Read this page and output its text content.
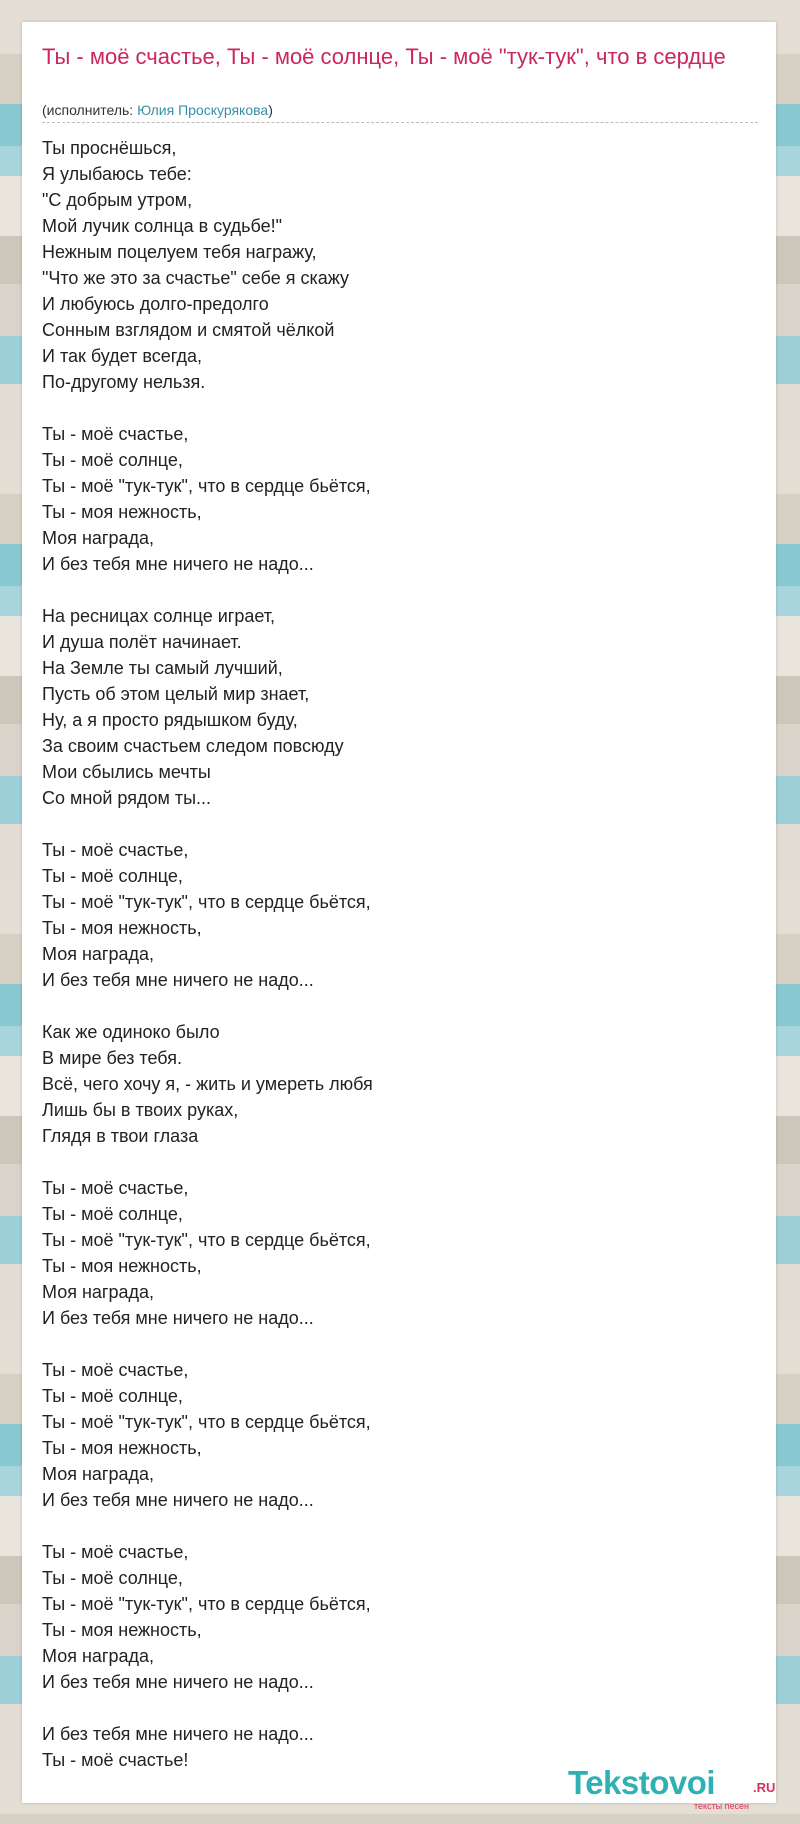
Ты - моё счастье, Ты - моё солнце, Ты - моё "тук-тук", что в сердце
(исполнитель: Юлия Проскурякова)
Ты проснёшься,
Я улыбаюсь тебе:
"С добрым утром,
Мой лучик солнца в судьбе!"
Нежным поцелуем тебя награжу,
"Что же это за счастье" себе я скажу
И любуюсь долго-предолго
Сонным взглядом и смятой чёлкой
И так будет всегда,
По-другому нельзя.
Ты - моё счастье,
Ты - моё солнце,
Ты - моё "тук-тук", что в сердце бьётся,
Ты - моя нежность,
Моя награда,
И без тебя мне ничего не надо...
На ресницах солнце играет,
И душа полёт начинает.
На Земле ты самый лучший,
Пусть об этом целый мир знает,
Ну, а я просто рядышком буду,
За своим счастьем следом повсюду
Мои сбылись мечты
Со мной рядом ты...
Ты - моё счастье,
Ты - моё солнце,
Ты - моё "тук-тук", что в сердце бьётся,
Ты - моя нежность,
Моя награда,
И без тебя мне ничего не надо...
Как же одиноко было
В мире без тебя.
Всё, чего хочу я, - жить и умереть любя
Лишь бы в твоих руках,
Глядя в твои глаза
Ты - моё счастье,
Ты - моё солнце,
Ты - моё "тук-тук", что в сердце бьётся,
Ты - моя нежность,
Моя награда,
И без тебя мне ничего не надо...
Ты - моё счастье,
Ты - моё солнце,
Ты - моё "тук-тук", что в сердце бьётся,
Ты - моя нежность,
Моя награда,
И без тебя мне ничего не надо...
Ты - моё счастье,
Ты - моё солнце,
Ты - моё "тук-тук", что в сердце бьётся,
Ты - моя нежность,
Моя награда,
И без тебя мне ничего не надо...
И без тебя мне ничего не надо...
Ты - моё счастье!
Tekstovoi	.RU
тексты песен
